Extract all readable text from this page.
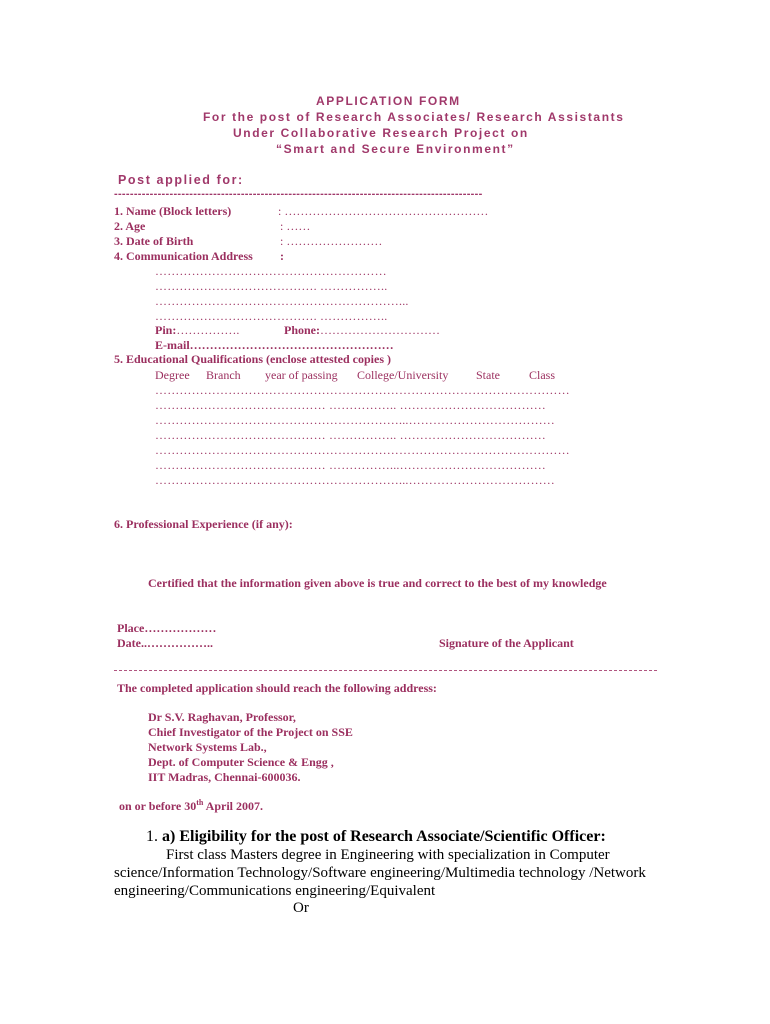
APPLICATION FORM
For the post of Research Associates/ Research Assistants
Under Collaborative Research Project on
“Smart and Secure Environment”
Post applied for:
---------------------------------------------------------------------------------------------
1. Name (Block letters)	: ……………………………………………
2. Age	: ……
3. Date of Birth	: ……………………
4. Communication Address :
…………………………………………………
…………………………………. ……………..
……………………………………………………...
…………………………………. ……………..
Pin:…………….	Phone:…………………………
E-mail……………………………………………
5. Educational Qualifications (enclose attested copies )
Degree Branch year of passing College/University State Class
…………………………………………………………………………………………
…………………………………… …………….. ………………………………
……………………………………………………...………………………………
…………………………………… …………….. ………………………………
…………………………………………………………………………………………
…………………………………… ……………...………………………………
……………………………………………………...………………………………
6. Professional Experience (if any):
Certified that the information given above is true and correct to the best of my knowledge
Place………………
Date..……………..	Signature of the Applicant
The completed application should reach the following address:
Dr S.V. Raghavan, Professor,
Chief Investigator of the Project on SSE
Network Systems Lab.,
Dept. of Computer Science & Engg ,
IIT Madras, Chennai-600036.
on or before 30th April 2007.
1. a) Eligibility for the post of Research Associate/Scientific Officer:
First class Masters degree in Engineering with specialization in Computer
science/Information Technology/Software engineering/Multimedia technology /Network
engineering/Communications engineering/Equivalent
Or
